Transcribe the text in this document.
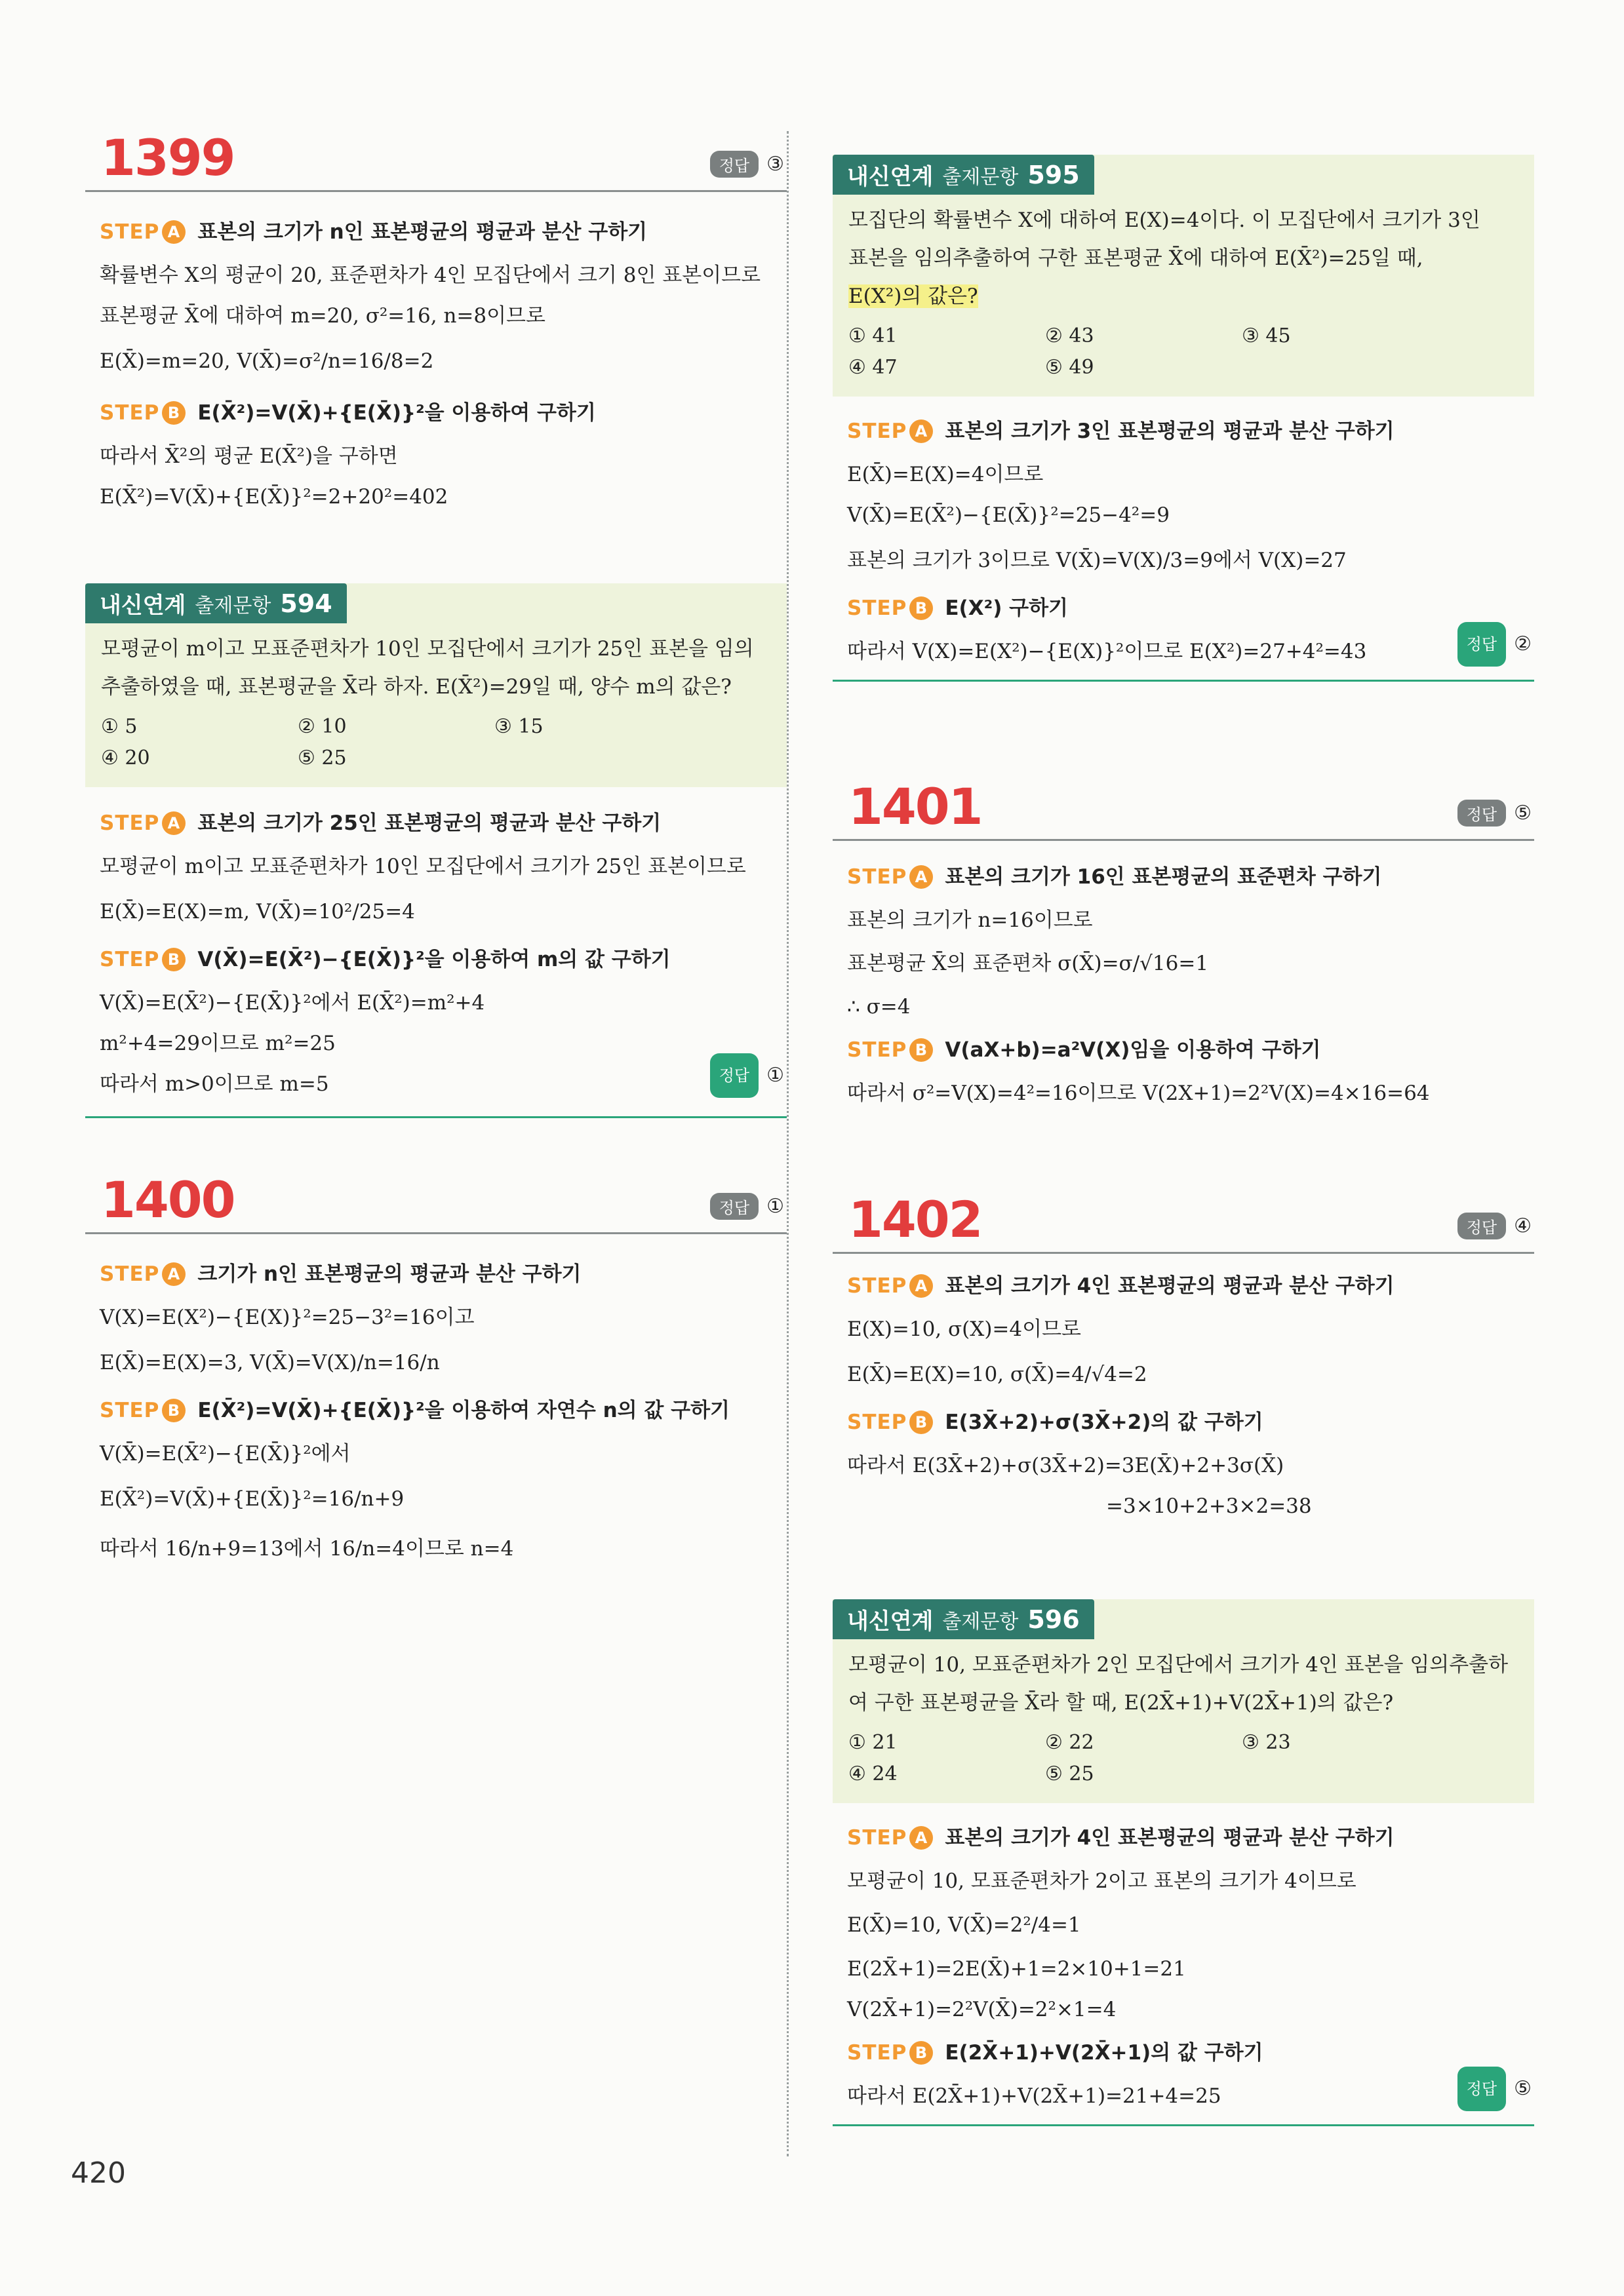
1399	정답 ③
STEP A 표본의 크기가 n인 표본평균의 평균과 분산 구하기
확률변수 X의 평균이 20, 표준편차가 4인 모집단에서 크기 8인 표본이므로
표본평균 X̄에 대하여 m=20, σ²=16, n=8이므로
E(X̄)=m=20, V(X̄)=σ²/n=16/8=2
STEP B E(X̄²)=V(X̄)+{E(X̄)}²을 이용하여 구하기
따라서 X̄²의 평균 E(X̄²)을 구하면
E(X̄²)=V(X̄)+{E(X̄)}²=2+20²=402
내신연계 출제문항 594
모평균이 m이고 모표준편차가 10인 모집단에서 크기가 25인 표본을 임의
추출하였을 때, 표본평균을 X̄라 하자. E(X̄²)=29일 때, 양수 m의 값은?
① 5	② 10	③ 15
④ 20	⑤ 25
STEP A 표본의 크기가 25인 표본평균의 평균과 분산 구하기
모평균이 m이고 모표준편차가 10인 모집단에서 크기가 25인 표본이므로
E(X̄)=E(X)=m, V(X̄)=10²/25=4
STEP B V(X̄)=E(X̄²)−{E(X̄)}²을 이용하여 m의 값 구하기
V(X̄)=E(X̄²)−{E(X̄)}²에서 E(X̄²)=m²+4
m²+4=29이므로 m²=25
따라서 m>0이므로 m=5	정답 ①
1400	정답 ①
STEP A 크기가 n인 표본평균의 평균과 분산 구하기
V(X)=E(X²)−{E(X)}²=25−3²=16이고
E(X̄)=E(X)=3, V(X̄)=V(X)/n=16/n
STEP B E(X̄²)=V(X̄)+{E(X̄)}²을 이용하여 자연수 n의 값 구하기
V(X̄)=E(X̄²)−{E(X̄)}²에서
E(X̄²)=V(X̄)+{E(X̄)}²=16/n+9
따라서 16/n+9=13에서 16/n=4이므로 n=4
내신연계 출제문항 595
모집단의 확률변수 X에 대하여 E(X)=4이다. 이 모집단에서 크기가 3인
표본을 임의추출하여 구한 표본평균 X̄에 대하여 E(X̄²)=25일 때,
E(X²)의 값은?
① 41	② 43	③ 45
④ 47	⑤ 49
STEP A 표본의 크기가 3인 표본평균의 평균과 분산 구하기
E(X̄)=E(X)=4이므로
V(X̄)=E(X̄²)−{E(X̄)}²=25−4²=9
표본의 크기가 3이므로 V(X̄)=V(X)/3=9에서 V(X)=27
STEP B E(X²) 구하기
따라서 V(X)=E(X²)−{E(X)}²이므로 E(X²)=27+4²=43	정답 ②
1401	정답 ⑤
STEP A 표본의 크기가 16인 표본평균의 표준편차 구하기
표본의 크기가 n=16이므로
표본평균 X̄의 표준편차 σ(X̄)=σ/√16=1
∴ σ=4
STEP B V(aX+b)=a²V(X)임을 이용하여 구하기
따라서 σ²=V(X)=4²=16이므로 V(2X+1)=2²V(X)=4×16=64
1402	정답 ④
STEP A 표본의 크기가 4인 표본평균의 평균과 분산 구하기
E(X)=10, σ(X)=4이므로
E(X̄)=E(X)=10, σ(X̄)=4/√4=2
STEP B E(3X̄+2)+σ(3X̄+2)의 값 구하기
따라서 E(3X̄+2)+σ(3X̄+2)=3E(X̄)+2+3σ(X̄)
=3×10+2+3×2=38
내신연계 출제문항 596
모평균이 10, 모표준편차가 2인 모집단에서 크기가 4인 표본을 임의추출하
여 구한 표본평균을 X̄라 할 때, E(2X̄+1)+V(2X̄+1)의 값은?
① 21	② 22	③ 23
④ 24	⑤ 25
STEP A 표본의 크기가 4인 표본평균의 평균과 분산 구하기
모평균이 10, 모표준편차가 2이고 표본의 크기가 4이므로
E(X̄)=10, V(X̄)=2²/4=1
E(2X̄+1)=2E(X̄)+1=2×10+1=21
V(2X̄+1)=2²V(X̄)=2²×1=4
STEP B E(2X̄+1)+V(2X̄+1)의 값 구하기
따라서 E(2X̄+1)+V(2X̄+1)=21+4=25	정답 ⑤
420
